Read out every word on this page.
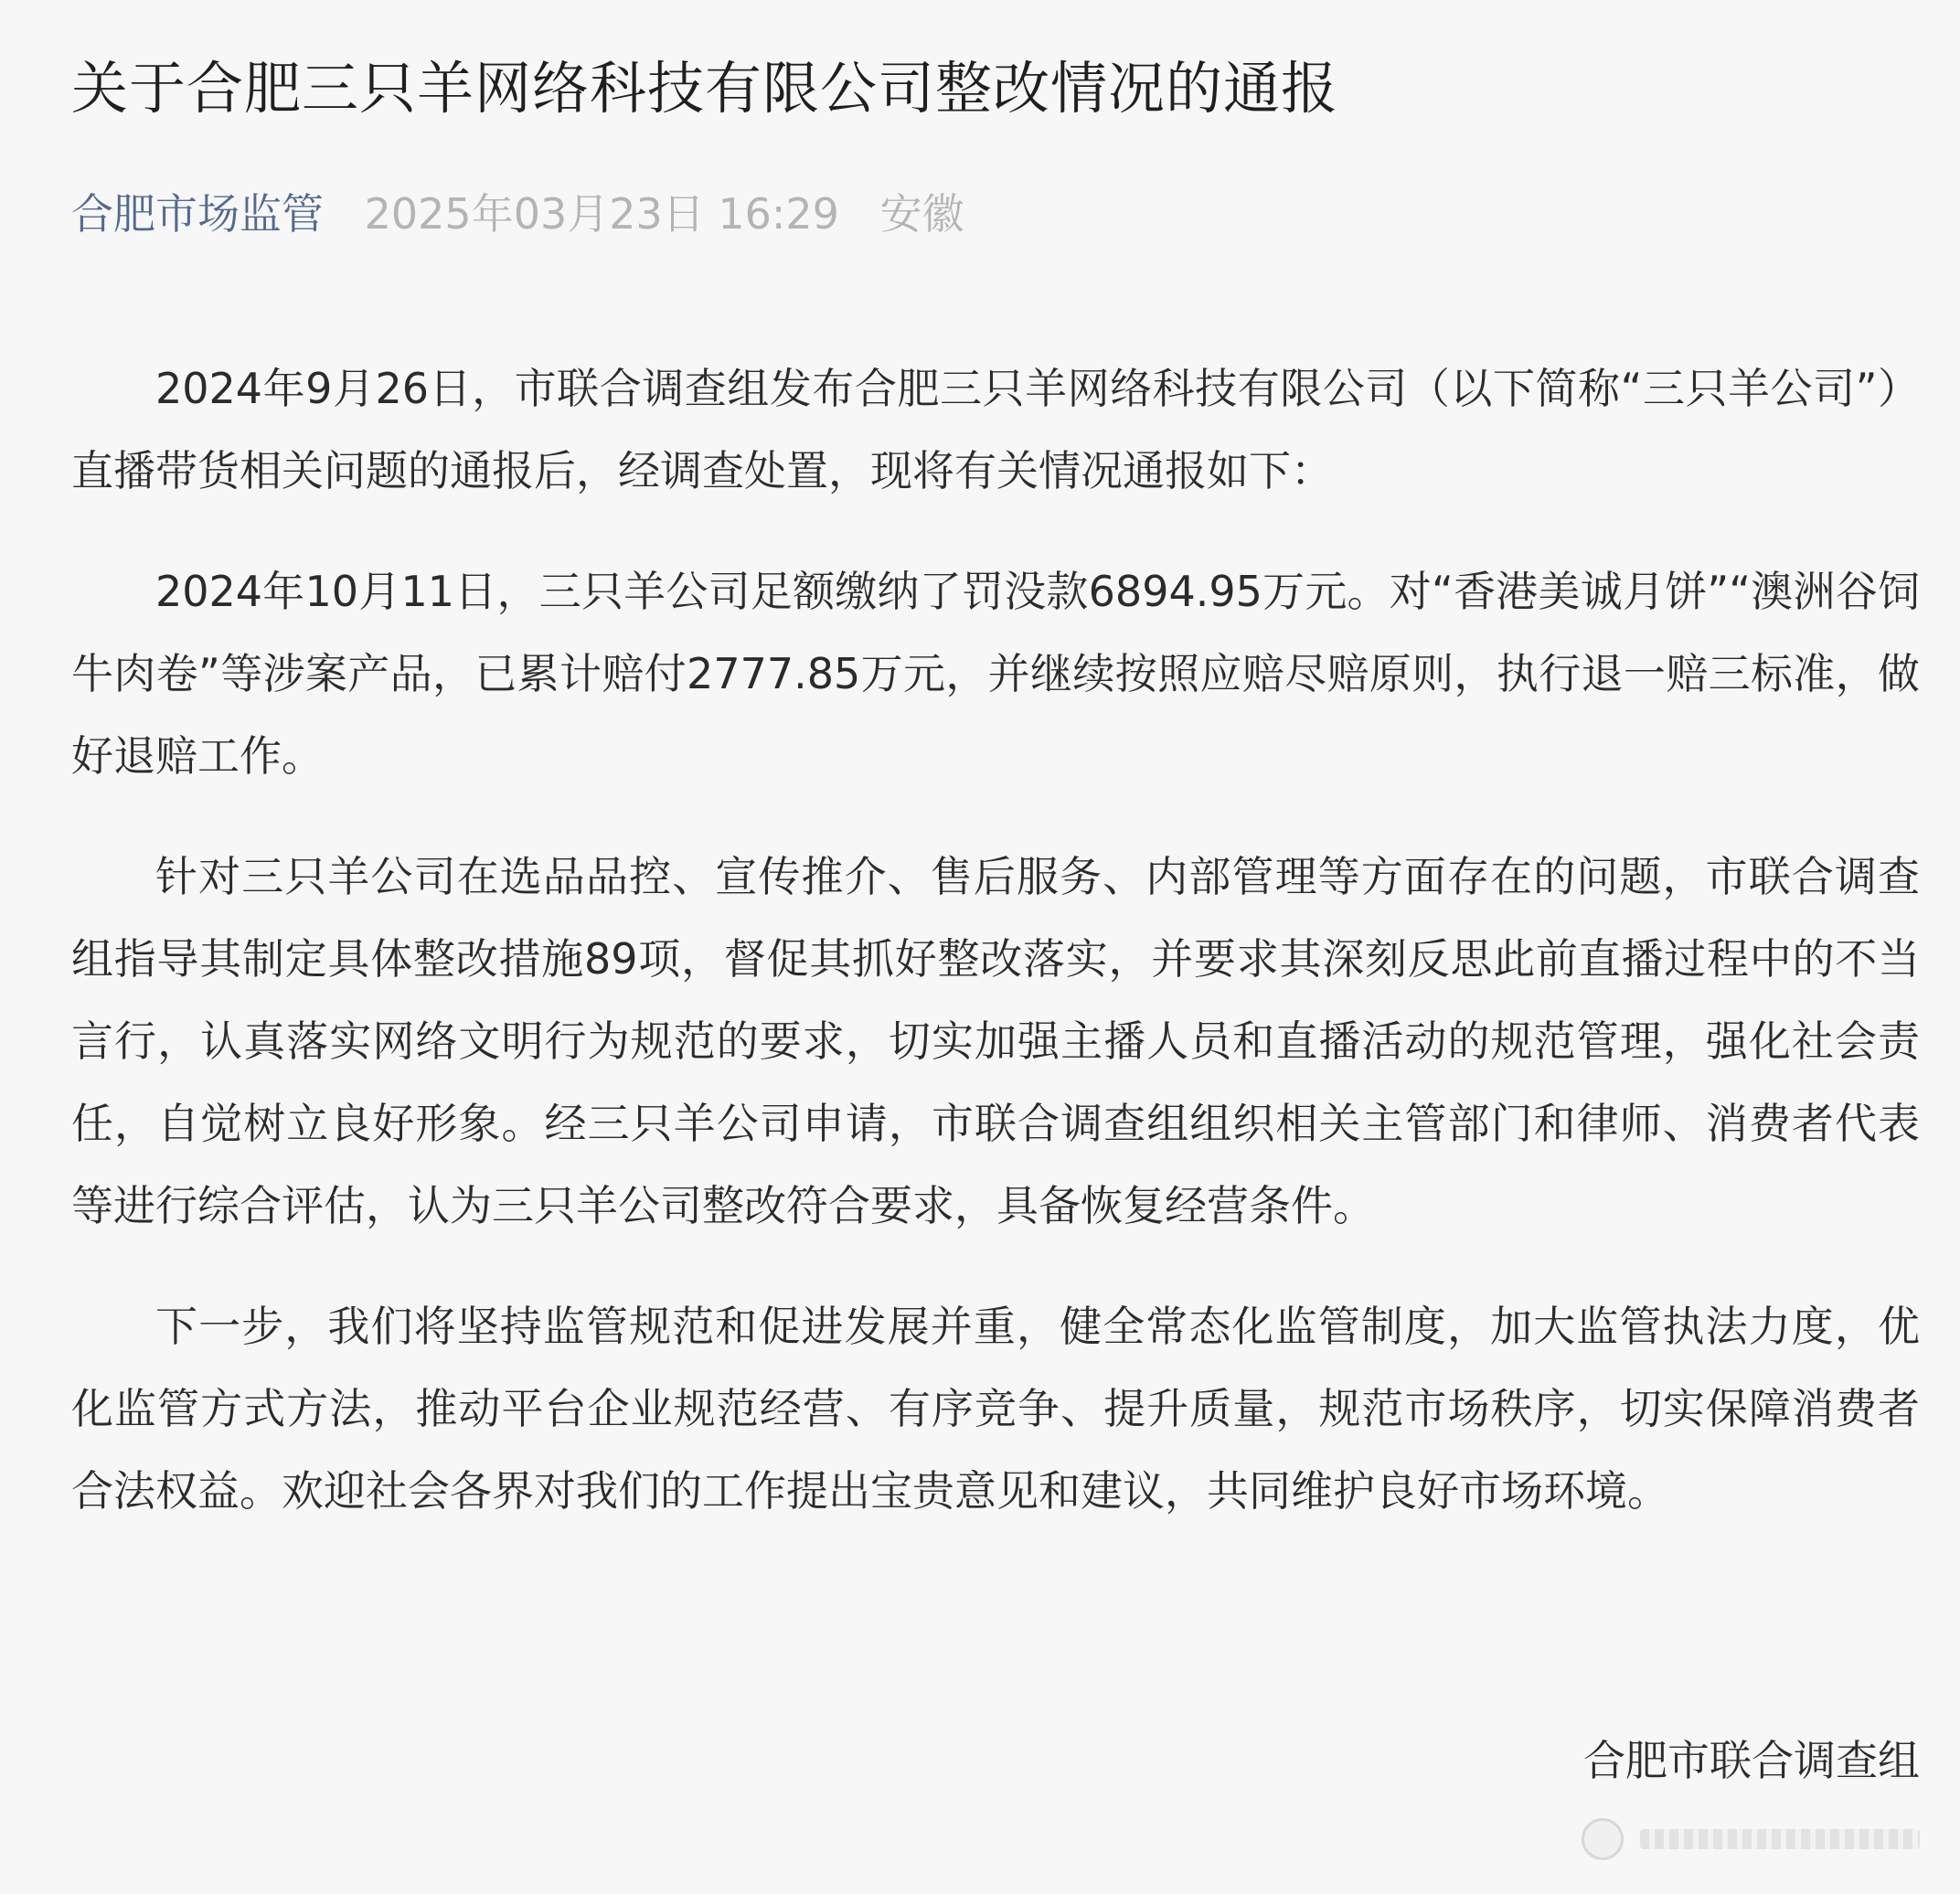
关于合肥三只羊网络科技有限公司整改情况的通报
合肥市场监管 2025年03月23日 16:29 安徽

2024年9月26日，市联合调查组发布合肥三只羊网络科技有限公司（以下简称“三只羊公司”）直播带货相关问题的通报后，经调查处置，现将有关情况通报如下：

2024年10月11日，三只羊公司足额缴纳了罚没款6894.95万元。对“香港美诚月饼”“澳洲谷饲牛肉卷”等涉案产品，已累计赔付2777.85万元，并继续按照应赔尽赔原则，执行退一赔三标准，做好退赔工作。

针对三只羊公司在选品品控、宣传推介、售后服务、内部管理等方面存在的问题，市联合调查组指导其制定具体整改措施89项，督促其抓好整改落实，并要求其深刻反思此前直播过程中的不当言行，认真落实网络文明行为规范的要求，切实加强主播人员和直播活动的规范管理，强化社会责任，自觉树立良好形象。经三只羊公司申请，市联合调查组组织相关主管部门和律师、消费者代表等进行综合评估，认为三只羊公司整改符合要求，具备恢复经营条件。

下一步，我们将坚持监管规范和促进发展并重，健全常态化监管制度，加大监管执法力度，优化监管方式方法，推动平台企业规范经营、有序竞争、提升质量，规范市场秩序，切实保障消费者合法权益。欢迎社会各界对我们的工作提出宝贵意见和建议，共同维护良好市场环境。

合肥市联合调查组
